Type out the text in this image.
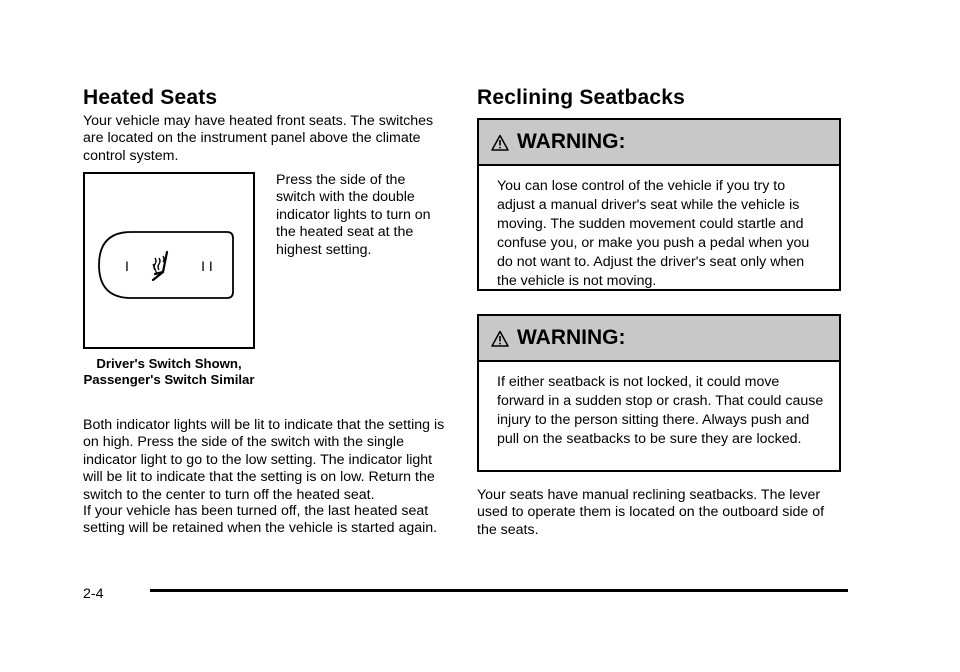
Heated Seats

Your vehicle may have heated front seats. The switches are located on the instrument panel above the climate control system.

I	I I
Press the side of the switch with the double indicator lights to turn on the heated seat at the highest setting.
Driver's Switch Shown, Passenger's Switch Similar

Both indicator lights will be lit to indicate that the setting is on high. Press the side of the switch with the single indicator light to go to the low setting. The indicator light will be lit to indicate that the setting is on low. Return the switch to the center to turn off the heated seat.

If your vehicle has been turned off, the last heated seat setting will be retained when the vehicle is started again.

Reclining Seatbacks
WARNING:
You can lose control of the vehicle if you try to adjust a manual driver's seat while the vehicle is moving. The sudden movement could startle and confuse you, or make you push a pedal when you do not want to. Adjust the driver's seat only when the vehicle is not moving.
WARNING:
If either seatback is not locked, it could move forward in a sudden stop or crash. That could cause injury to the person sitting there. Always push and pull on the seatbacks to be sure they are locked.

Your seats have manual reclining seatbacks. The lever used to operate them is located on the outboard side of the seats.

2-4
